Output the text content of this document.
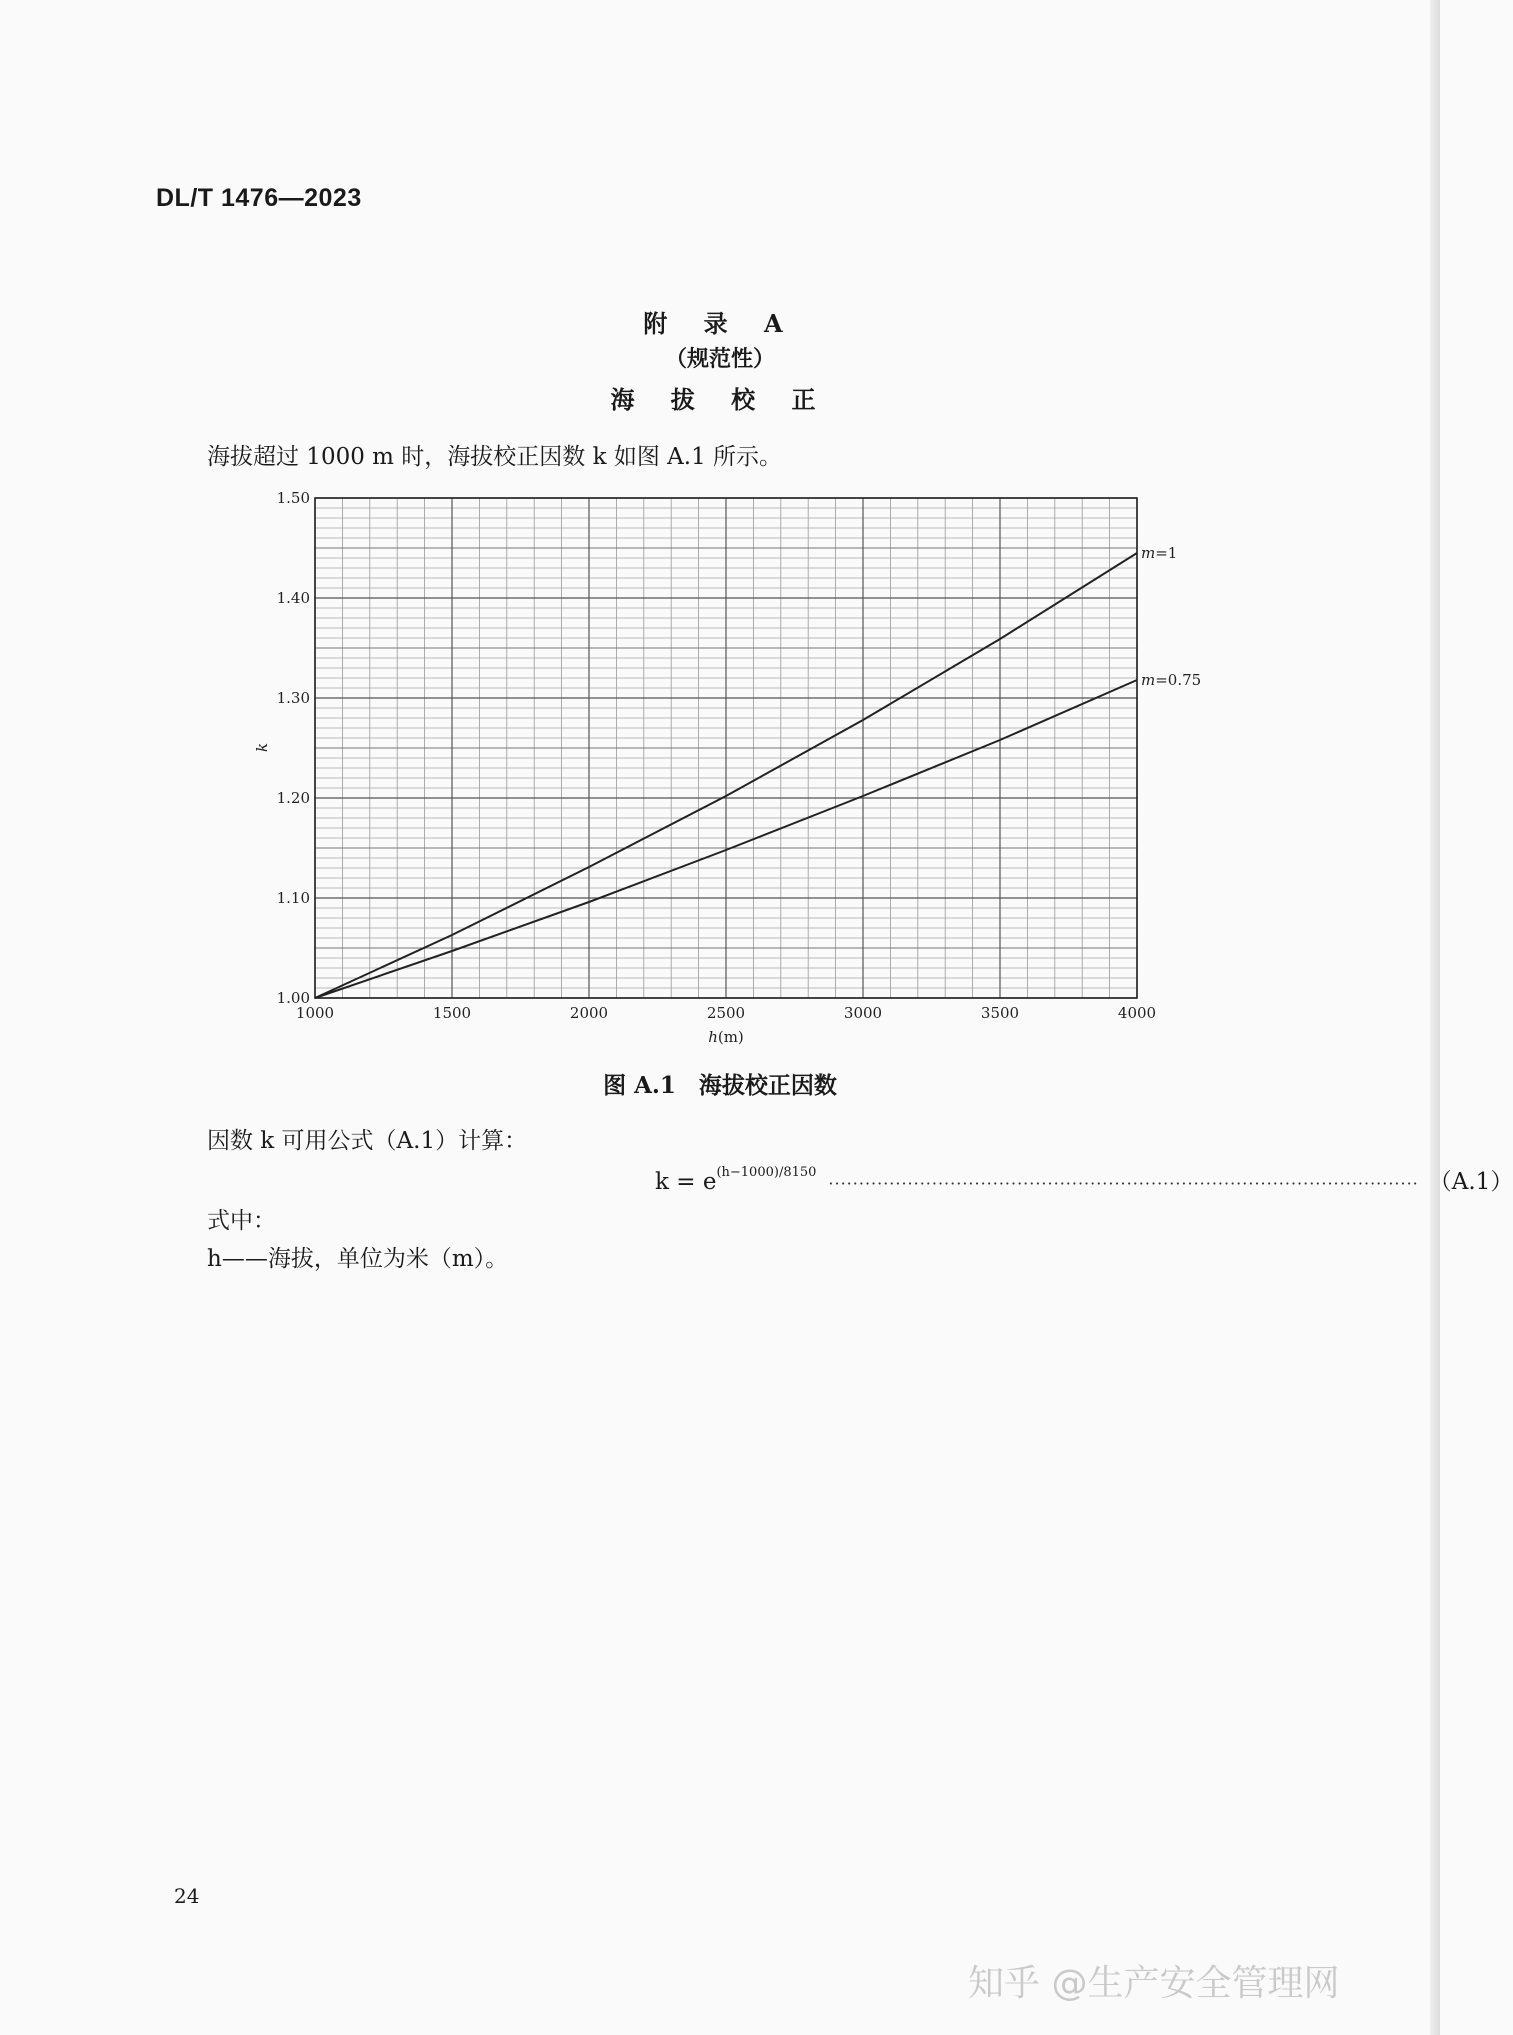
DL/T 1476—2023
附 录 A
（规范性）
海 拔 校 正
海拔超过 1000 m 时，海拔校正因数 k 如图 A.1 所示。
1000	1500	2000	2500	3000	3500	4000
1.00
1.10
1.20
1.30
1.40
1.50
m=1
m=0.75
k
h(m)
图 A.1　海拔校正因数
因数 k 可用公式（A.1）计算：
$k = e^{(h-1000)/8150}$
································································································· （A.1）
式中：
h——海拔，单位为米（m）。
24
知乎 @生产安全管理网
